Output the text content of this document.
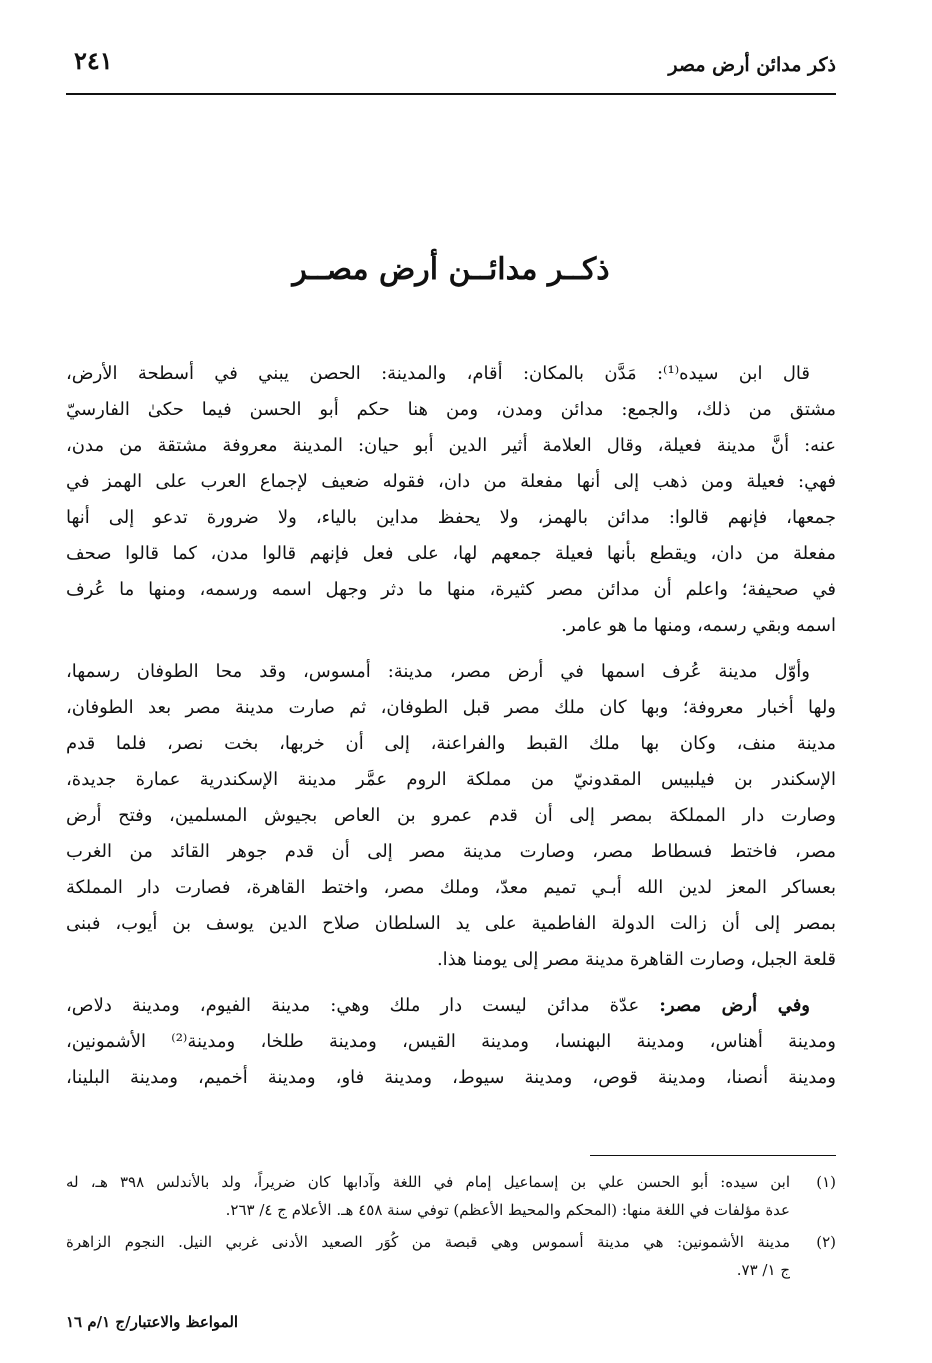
ذكر مدائن أرض مصر
٢٤١
ذكــر مدائــن أرض مصــر
قال ابن سيده⁽¹⁾: مَدَّن بالمكان: أقام، والمدينة: الحصن يبني في أسطحة الأرض،
مشتق من ذلك، والجمع: مدائن ومدن، ومن هنا حكم أبو الحسن فيما حكىٰ الفارسيّ
عنه: أنَّ مدينة فعيلة، وقال العلامة أثير الدين أبو حيان: المدينة معروفة مشتقة من مدن،
فهي: فعيلة ومن ذهب إلى أنها مفعلة من دان، فقوله ضعيف لإجماع العرب على الهمز في
جمعها، فإنهم قالوا: مدائن بالهمز، ولا يحفظ مداين بالياء، ولا ضرورة تدعو إلى أنها
مفعلة من دان، ويقطع بأنها فعيلة جمعهم لها، على فعل فإنهم قالوا مدن، كما قالوا صحف
في صحيفة؛ واعلم أن مدائن مصر كثيرة، منها ما دثر وجهل اسمه ورسمه، ومنها ما عُرف
اسمه وبقي رسمه، ومنها ما هو عامر.
وأوّل مدينة عُرف اسمها في أرض مصر، مدينة: أمسوس، وقد محا الطوفان رسمها،
ولها أخبار معروفة؛ وبها كان ملك مصر قبل الطوفان، ثم صارت مدينة مصر بعد الطوفان،
مدينة منف، وكان بها ملك القبط والفراعنة، إلى أن خربها، بخت نصر، فلما قدم
الإسكندر بن فيلبيس المقدونيّ من مملكة الروم عمَّر مدينة الإسكندرية عمارة جديدة،
وصارت دار المملكة بمصر إلى أن قدم عمرو بن العاص بجيوش المسلمين، وفتح أرض
مصر، فاختط فسطاط مصر، وصارت مدينة مصر إلى أن قدم جوهر القائد من الغرب
بعساكر المعز لدين الله أبـي تميم معدّ، وملك مصر، واختط القاهرة، فصارت دار المملكة
بمصر إلى أن زالت الدولة الفاطمية على يد السلطان صلاح الدين يوسف بن أيوب، فبنى
قلعة الجبل، وصارت القاهرة مدينة مصر إلى يومنا هذا.
وفي أرض مصر: عدّة مدائن ليست دار ملك وهي: مدينة الفيوم، ومدينة دلاص،
ومدينة أهناس، ومدينة البهنسا، ومدينة القيس، ومدينة طلخا، ومدينة⁽²⁾ الأشمونين،
ومدينة أنصنا، ومدينة قوص، ومدينة سيوط، ومدينة فاو، ومدينة أخميم، ومدينة البلينا،
(١)
ابن سيده: أبو الحسن علي بن إسماعيل إمام في اللغة وآدابها كان ضريراً، ولد بالأندلس ٣٩٨ هـ، له
عدة مؤلفات في اللغة منها: (المحكم والمحيط الأعظم) توفي سنة ٤٥٨ هـ. الأعلام ج ٤/ ٢٦٣.
(٢)
مدينة الأشمونين: هي مدينة أسموس وهي قبصة من كُوَر الصعيد الأدنى غربي النيل. النجوم الزاهرة
ج ١/ ٧٣.
المواعظ والاعتبار/ج ١/م ١٦
